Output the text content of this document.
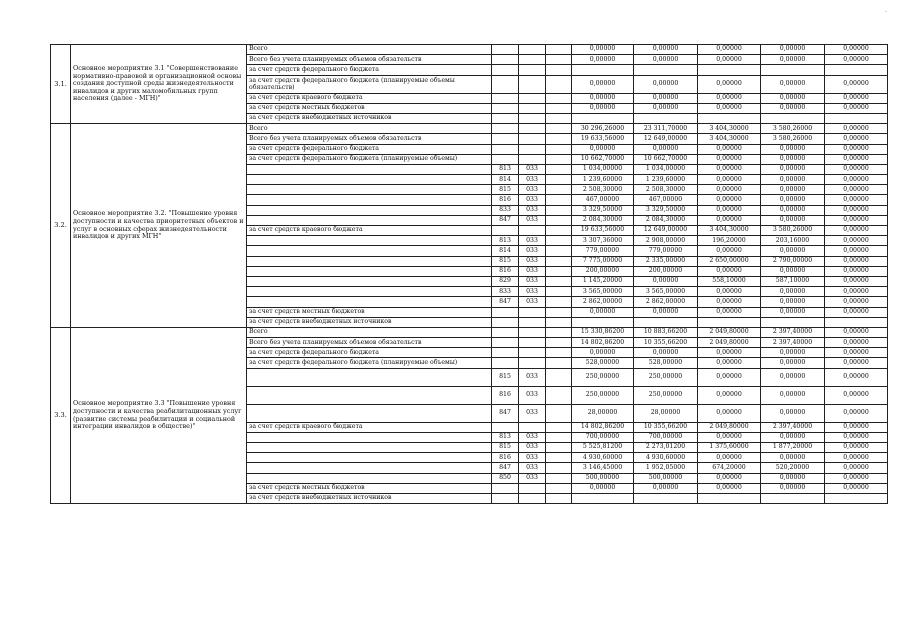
·
3.1.	Основное мероприятие 3.1 "Совершенствование нормативно-правовой и организационной основы создания доступной среды жизнедеятельности инвалидов и других маломобильных групп населения (далее - МГН)"	Всего				0,00000	0,00000	0,00000	0,00000	0,00000
		Всего без учета планируемых объемов обязательств				0,00000	0,00000	0,00000	0,00000	0,00000
		за счет средств федерального бюджета								
		за счет средств федерального бюджета (планируемые объемы обязательств)				0,00000	0,00000	0,00000	0,00000	0,00000
		за счет средств краевого бюджета				0,00000	0,00000	0,00000	0,00000	0,00000
		за счет средств местных бюджетов				0,00000	0,00000	0,00000	0,00000	0,00000
		за счет средств внебюджетных источников								
3.2.	Основное мероприятие 3.2. "Повышение уровня доступности и качества приоритетных объектов и услуг в основных сферах жизнедеятельности инвалидов и других МГН"	Всего				30 296,26000	23 311,70000	3 404,30000	3 580,26000	0,00000
		Всего без учета планируемых объемов обязательств				19 633,56000	12 649,00000	3 404,30000	3 580,26000	0,00000
		за счет средств федерального бюджета				0,00000	0,00000	0,00000	0,00000	0,00000
		за счет средств федерального бюджета (планируемые объемы)				10 662,70000	10 662,70000	0,00000	0,00000	0,00000
			813	033		1 034,00000	1 034,00000	0,00000	0,00000	0,00000
			814	033		1 239,60000	1 239,60000	0,00000	0,00000	0,00000
			815	033		2 508,30000	2 508,30000	0,00000	0,00000	0,00000
			816	033		467,00000	467,00000	0,00000	0,00000	0,00000
			833	033		3 329,50000	3 329,50000	0,00000	0,00000	0,00000
			847	033		2 084,30000	2 084,30000	0,00000	0,00000	0,00000
		за счет средств краевого бюджета				19 633,56000	12 649,00000	3 404,30000	3 580,26000	0,00000
			813	033		3 307,36000	2 908,00000	196,20000	203,16000	0,00000
			814	033		779,00000	779,00000	0,00000	0,00000	0,00000
			815	033		7 775,00000	2 335,00000	2 650,00000	2 790,00000	0,00000
			816	033		200,00000	200,00000	0,00000	0,00000	0,00000
			829	033		1 145,20000	0,00000	558,10000	587,10000	0,00000
			833	033		3 565,00000	3 565,00000	0,00000	0,00000	0,00000
			847	033		2 862,00000	2 862,00000	0,00000	0,00000	0,00000
		за счет средств местных бюджетов				0,00000	0,00000	0,00000	0,00000	0,00000
		за счет средств внебюджетных источников								
3.3.	Основное мероприятие 3.3 "Повышение уровня доступности и качества реабилитационных услуг (развитие системы реабилитации и социальной интеграции инвалидов в обществе)"	Всего				15 330,86200	10 883,66200	2 049,80000	2 397,40000	0,00000
		Всего без учета планируемых объемов обязательств				14 802,86200	10 355,66200	2 049,80000	2 397,40000	0,00000
		за счет средств федерального бюджета				0,00000	0,00000	0,00000	0,00000	0,00000
		за счет средств федерального бюджета (планируемые объемы)				528,00000	528,00000	0,00000	0,00000	0,00000
			815	033		250,00000	250,00000	0,00000	0,00000	0,00000
			816	033		250,00000	250,00000	0,00000	0,00000	0,00000
			847	033		28,00000	28,00000	0,00000	0,00000	0,00000
		за счет средств краевого бюджета				14 802,86200	10 355,66200	2 049,80000	2 397,40000	0,00000
			813	033		700,00000	700,00000	0,00000	0,00000	0,00000
			815	033		5 525,81200	2 273,01200	1 375,60000	1 877,20000	0,00000
			816	033		4 930,60000	4 930,60000	0,00000	0,00000	0,00000
			847	033		3 146,45000	1 952,05000	674,20000	520,20000	0,00000
			850	033		500,00000	500,00000	0,00000	0,00000	0,00000
		за счет средств местных бюджетов				0,00000	0,00000	0,00000	0,00000	0,00000
		за счет средств внебюджетных источников								
